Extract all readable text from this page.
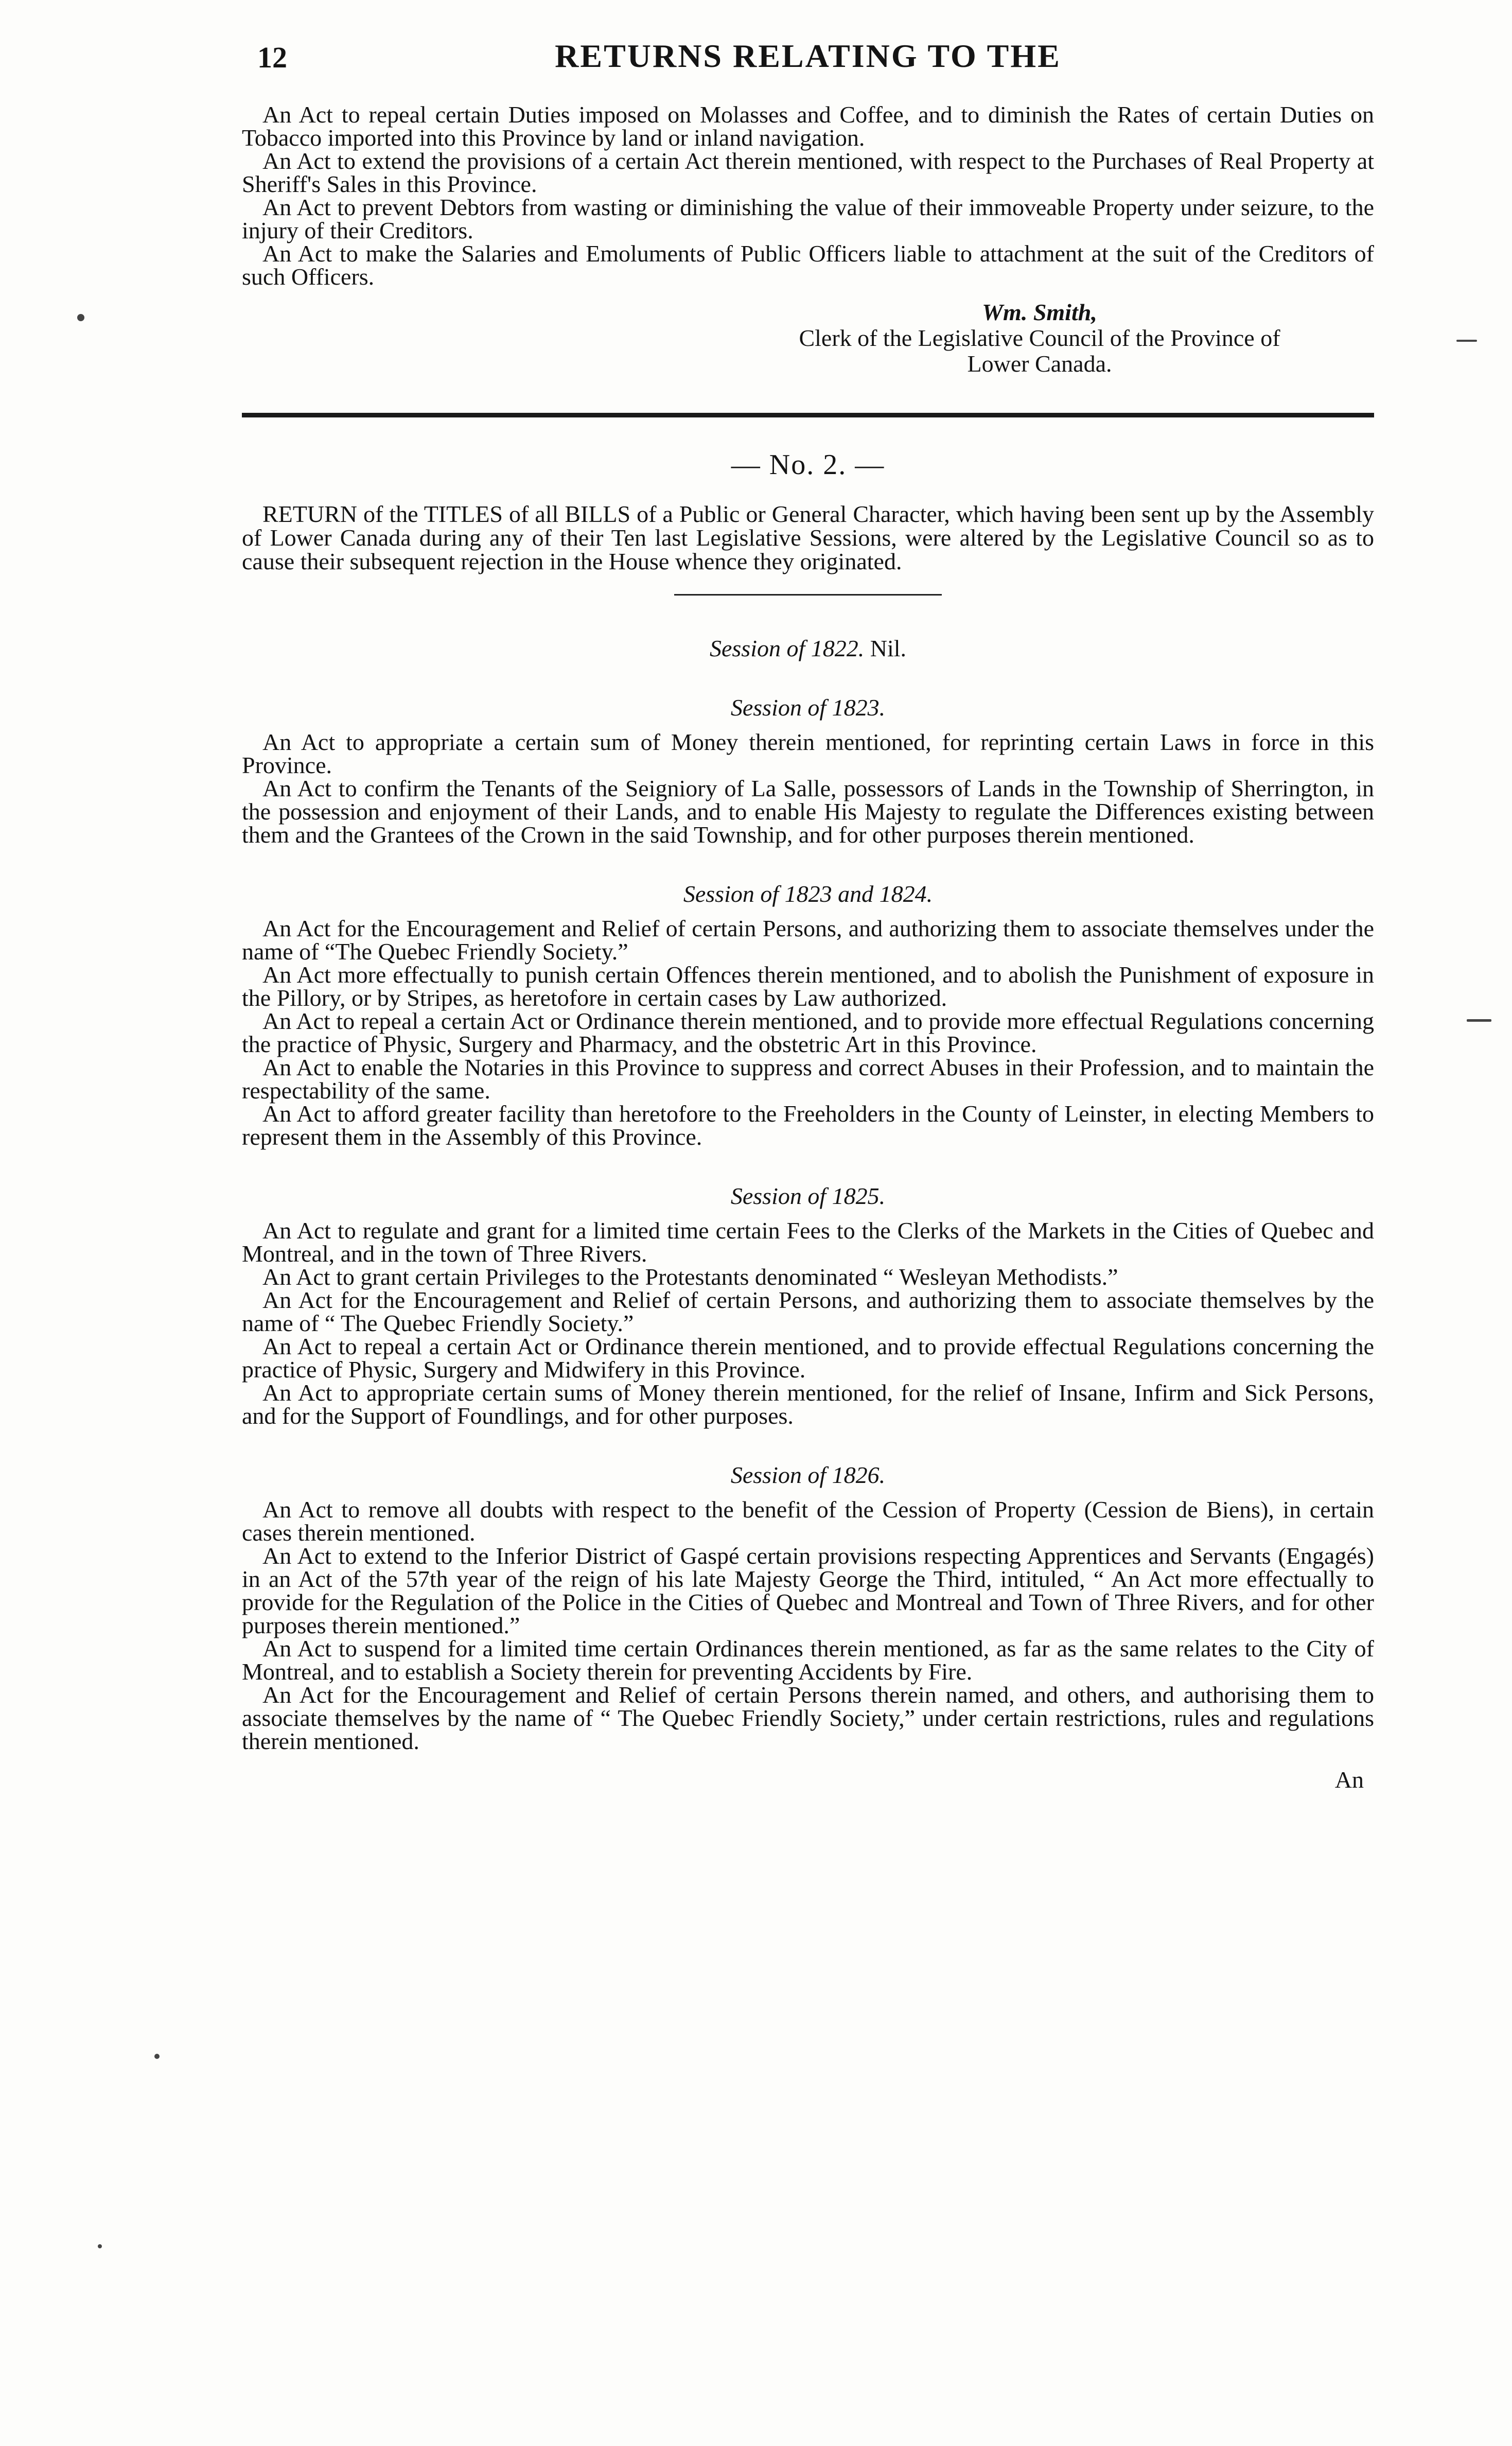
12	RETURNS RELATING TO THE

An Act to repeal certain Duties imposed on Molasses and Coffee, and to diminish the Rates of certain Duties on Tobacco imported into this Province by land or inland navigation.

An Act to extend the provisions of a certain Act therein mentioned, with respect to the Purchases of Real Property at Sheriff's Sales in this Province.

An Act to prevent Debtors from wasting or diminishing the value of their immoveable Property under seizure, to the injury of their Creditors.

An Act to make the Salaries and Emoluments of Public Officers liable to attachment at the suit of the Creditors of such Officers.

Wm. Smith,
Clerk of the Legislative Council of the Province of
Lower Canada.
— No. 2. —

RETURN of the TITLES of all BILLS of a Public or General Character, which having been sent up by the Assembly of Lower Canada during any of their Ten last Legislative Sessions, were altered by the Legislative Council so as to cause their subsequent rejection in the House whence they originated.

Session of 1822. Nil.
Session of 1823.

An Act to appropriate a certain sum of Money therein mentioned, for reprinting certain Laws in force in this Province.

An Act to confirm the Tenants of the Seigniory of La Salle, possessors of Lands in the Township of Sherrington, in the possession and enjoyment of their Lands, and to enable His Majesty to regulate the Differences existing between them and the Grantees of the Crown in the said Township, and for other purposes therein mentioned.

Session of 1823 and 1824.

An Act for the Encouragement and Relief of certain Persons, and authorizing them to associate themselves under the name of “The Quebec Friendly Society.”

An Act more effectually to punish certain Offences therein mentioned, and to abolish the Punishment of exposure in the Pillory, or by Stripes, as heretofore in certain cases by Law authorized.

An Act to repeal a certain Act or Ordinance therein mentioned, and to provide more effectual Regulations concerning the practice of Physic, Surgery and Pharmacy, and the obstetric Art in this Province.

An Act to enable the Notaries in this Province to suppress and correct Abuses in their Profession, and to maintain the respectability of the same.

An Act to afford greater facility than heretofore to the Freeholders in the County of Leinster, in electing Members to represent them in the Assembly of this Province.

Session of 1825.

An Act to regulate and grant for a limited time certain Fees to the Clerks of the Markets in the Cities of Quebec and Montreal, and in the town of Three Rivers.

An Act to grant certain Privileges to the Protestants denominated “ Wesleyan Methodists.”

An Act for the Encouragement and Relief of certain Persons, and authorizing them to associate themselves by the name of “ The Quebec Friendly Society.”

An Act to repeal a certain Act or Ordinance therein mentioned, and to provide effectual Regulations concerning the practice of Physic, Surgery and Midwifery in this Province.

An Act to appropriate certain sums of Money therein mentioned, for the relief of Insane, Infirm and Sick Persons, and for the Support of Foundlings, and for other purposes.

Session of 1826.

An Act to remove all doubts with respect to the benefit of the Cession of Property (Cession de Biens), in certain cases therein mentioned.

An Act to extend to the Inferior District of Gaspé certain provisions respecting Apprentices and Servants (Engagés) in an Act of the 57th year of the reign of his late Majesty George the Third, intituled, “ An Act more effectually to provide for the Regulation of the Police in the Cities of Quebec and Montreal and Town of Three Rivers, and for other purposes therein mentioned.”

An Act to suspend for a limited time certain Ordinances therein mentioned, as far as the same relates to the City of Montreal, and to establish a Society therein for preventing Accidents by Fire.

An Act for the Encouragement and Relief of certain Persons therein named, and others, and authorising them to associate themselves by the name of “ The Quebec Friendly Society,” under certain restrictions, rules and regulations therein mentioned.

An
